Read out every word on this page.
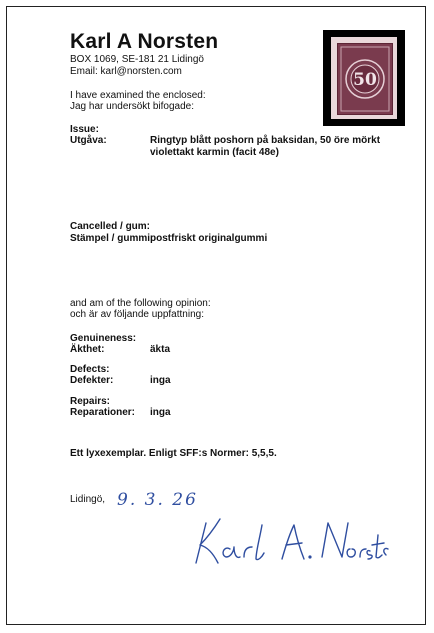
Karl A Norsten
BOX 1069, SE-181 21 Lidingö
Email: karl@norsten.com	50
I have examined the enclosed:
Jag har undersökt bifogade:
Issue:
Utgåva:	Ringtyp blått poshorn på baksidan, 50 öre mörkt violettakt karmin (facit 48e)
Cancelled / gum:
Stämpel / gummi:
postfriskt originalgummi
and am of the following opinion:
och är av följande uppfattning:
Genuineness:
Äkthet:	äkta
Defects:
Defekter:	inga
Repairs:
Reparationer: inga
Ett lyxexemplar. Enligt SFF:s Normer: 5,5,5.
Lidingö, 9. 3. 26
